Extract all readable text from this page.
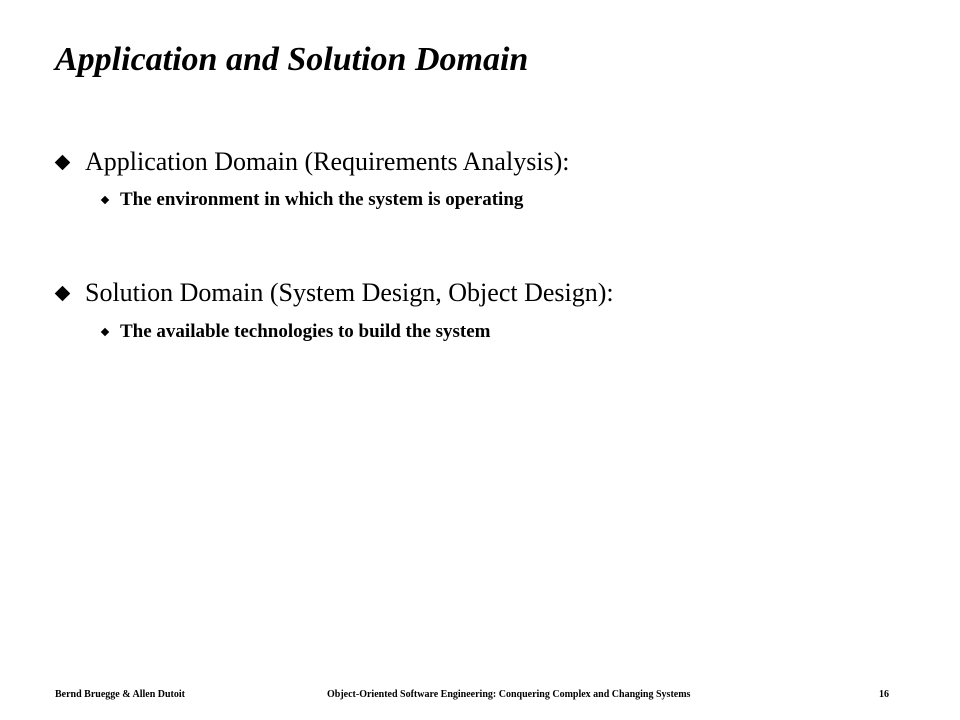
Application and Solution Domain
Application Domain (Requirements Analysis):
The environment in which the system is operating
Solution Domain (System Design, Object Design):
The available technologies to build the system
Bernd Bruegge & Allen Dutoit	Object-Oriented Software Engineering: Conquering Complex and Changing Systems	16
